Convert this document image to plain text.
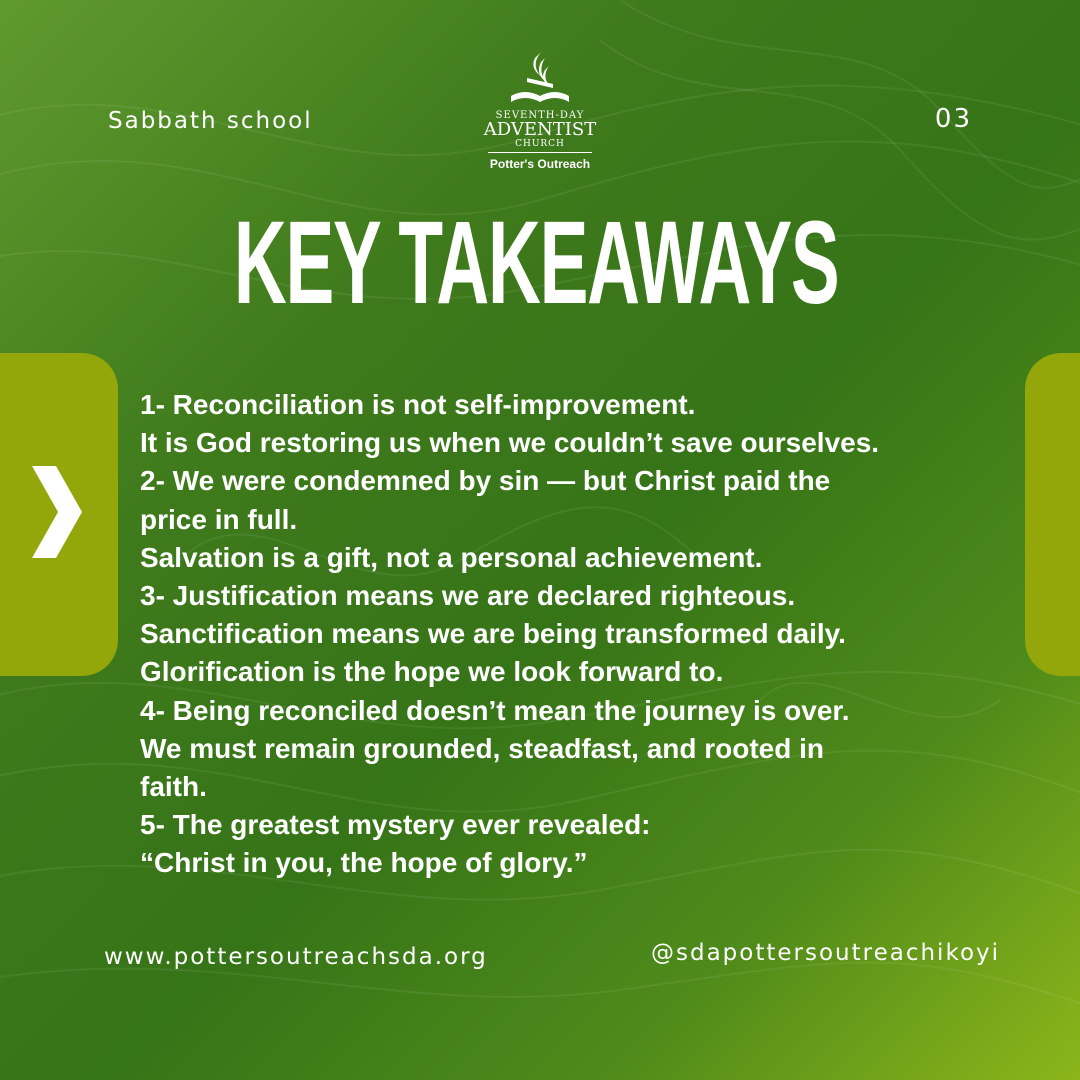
Sabbath school	SEVENTH-DAY
ADVENTIST
CHURCH
Potter's Outreach
03
KEY TAKEAWAYS
1- Reconciliation is not self-improvement.
It is God restoring us when we couldn’t save ourselves.
2- We were condemned by sin — but Christ paid the
price in full.
Salvation is a gift, not a personal achievement.
3- Justification means we are declared righteous.
Sanctification means we are being transformed daily.
Glorification is the hope we look forward to.
4- Being reconciled doesn’t mean the journey is over.
We must remain grounded, steadfast, and rooted in
faith.
5- The greatest mystery ever revealed:
“Christ in you, the hope of glory.”
www.pottersoutreachsda.org	@sdapottersoutreachikoyi
